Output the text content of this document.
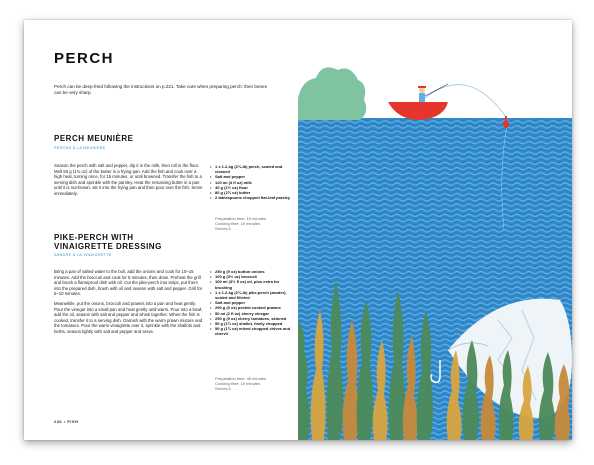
PERCH

Perch can be deep-fried following the instructions on p.221. Take care when preparing perch: their bones can be very sharp.

PERCH MEUNIÈRE
PERCHE À LA MEUNIÈRE

Season the perch with salt and pepper, dip it in the milk, then roll in the flour. Melt 50 g (1¾ oz) of the butter in a frying pan. Add the fish and cook over a high heat, turning once, for 15 minutes, or until browned. Transfer the fish to a serving dish and sprinkle with the parsley. Heat the remaining butter in a pan until it is nut-brown, stir it into the frying pan and then pour over the fish. Serve immediately.

• 1 x 1.2-kg (2¾-lb) perch, scaled and cleaned
• Salt and pepper
• 120 ml (4 fl oz) milk
• 40 g (1½ oz) flour
• 80 g (2¾ oz) butter
• 2 tablespoons chopped flat-leaf parsley
Preparation time: 15 minutes
Cooking time: 15 minutes
Serves 6
PIKE-PERCH WITH
VINAIGRETTE DRESSING
SANDRE À LA VINAIGRETTE

Bring a pan of salted water to the boil, add the onions and cook for 10–15 minutes. Add the broccoli and cook for 5 minutes, then drain. Preheat the grill and brush a flameproof dish with oil. Cut the pike-perch into strips, put them into the prepared dish, brush with oil and season with salt and pepper. Grill for 6–10 minutes.

Meanwhile, put the onions, broccoli and prawns into a pan and heat gently. Pour the vinegar into a small pan and heat gently until warm. Pour into a bowl, add the oil, season with salt and pepper and whisk together. When the fish is cooked, transfer it to a serving dish. Garnish with the warm prawn mixture and the tomatoes. Pour the warm vinaigrette over it, sprinkle with the shallots and herbs, season lightly with salt and pepper and serve.

• 250 g (9 oz) button onions
• 100 g (3½ oz) broccoli
• 100 ml (3½ fl oz) oil, plus extra for brushing
• 1 x 1.2-kg (2¾-lb) pike-perch (zander), scaled and filleted
• Salt and pepper
• 250 g (9 oz) peeled cooked prawns
• 50 ml (2 fl oz) sherry vinegar
• 250 g (9 oz) cherry tomatoes, skinned
• 50 g (1¾ oz) shallot, finely chopped
• 50 g (1¾ oz) mixed chopped chives and chervil
Preparation time: 45 minutes
Cooking time: 15 minutes
Serves 6
236 • FISH
